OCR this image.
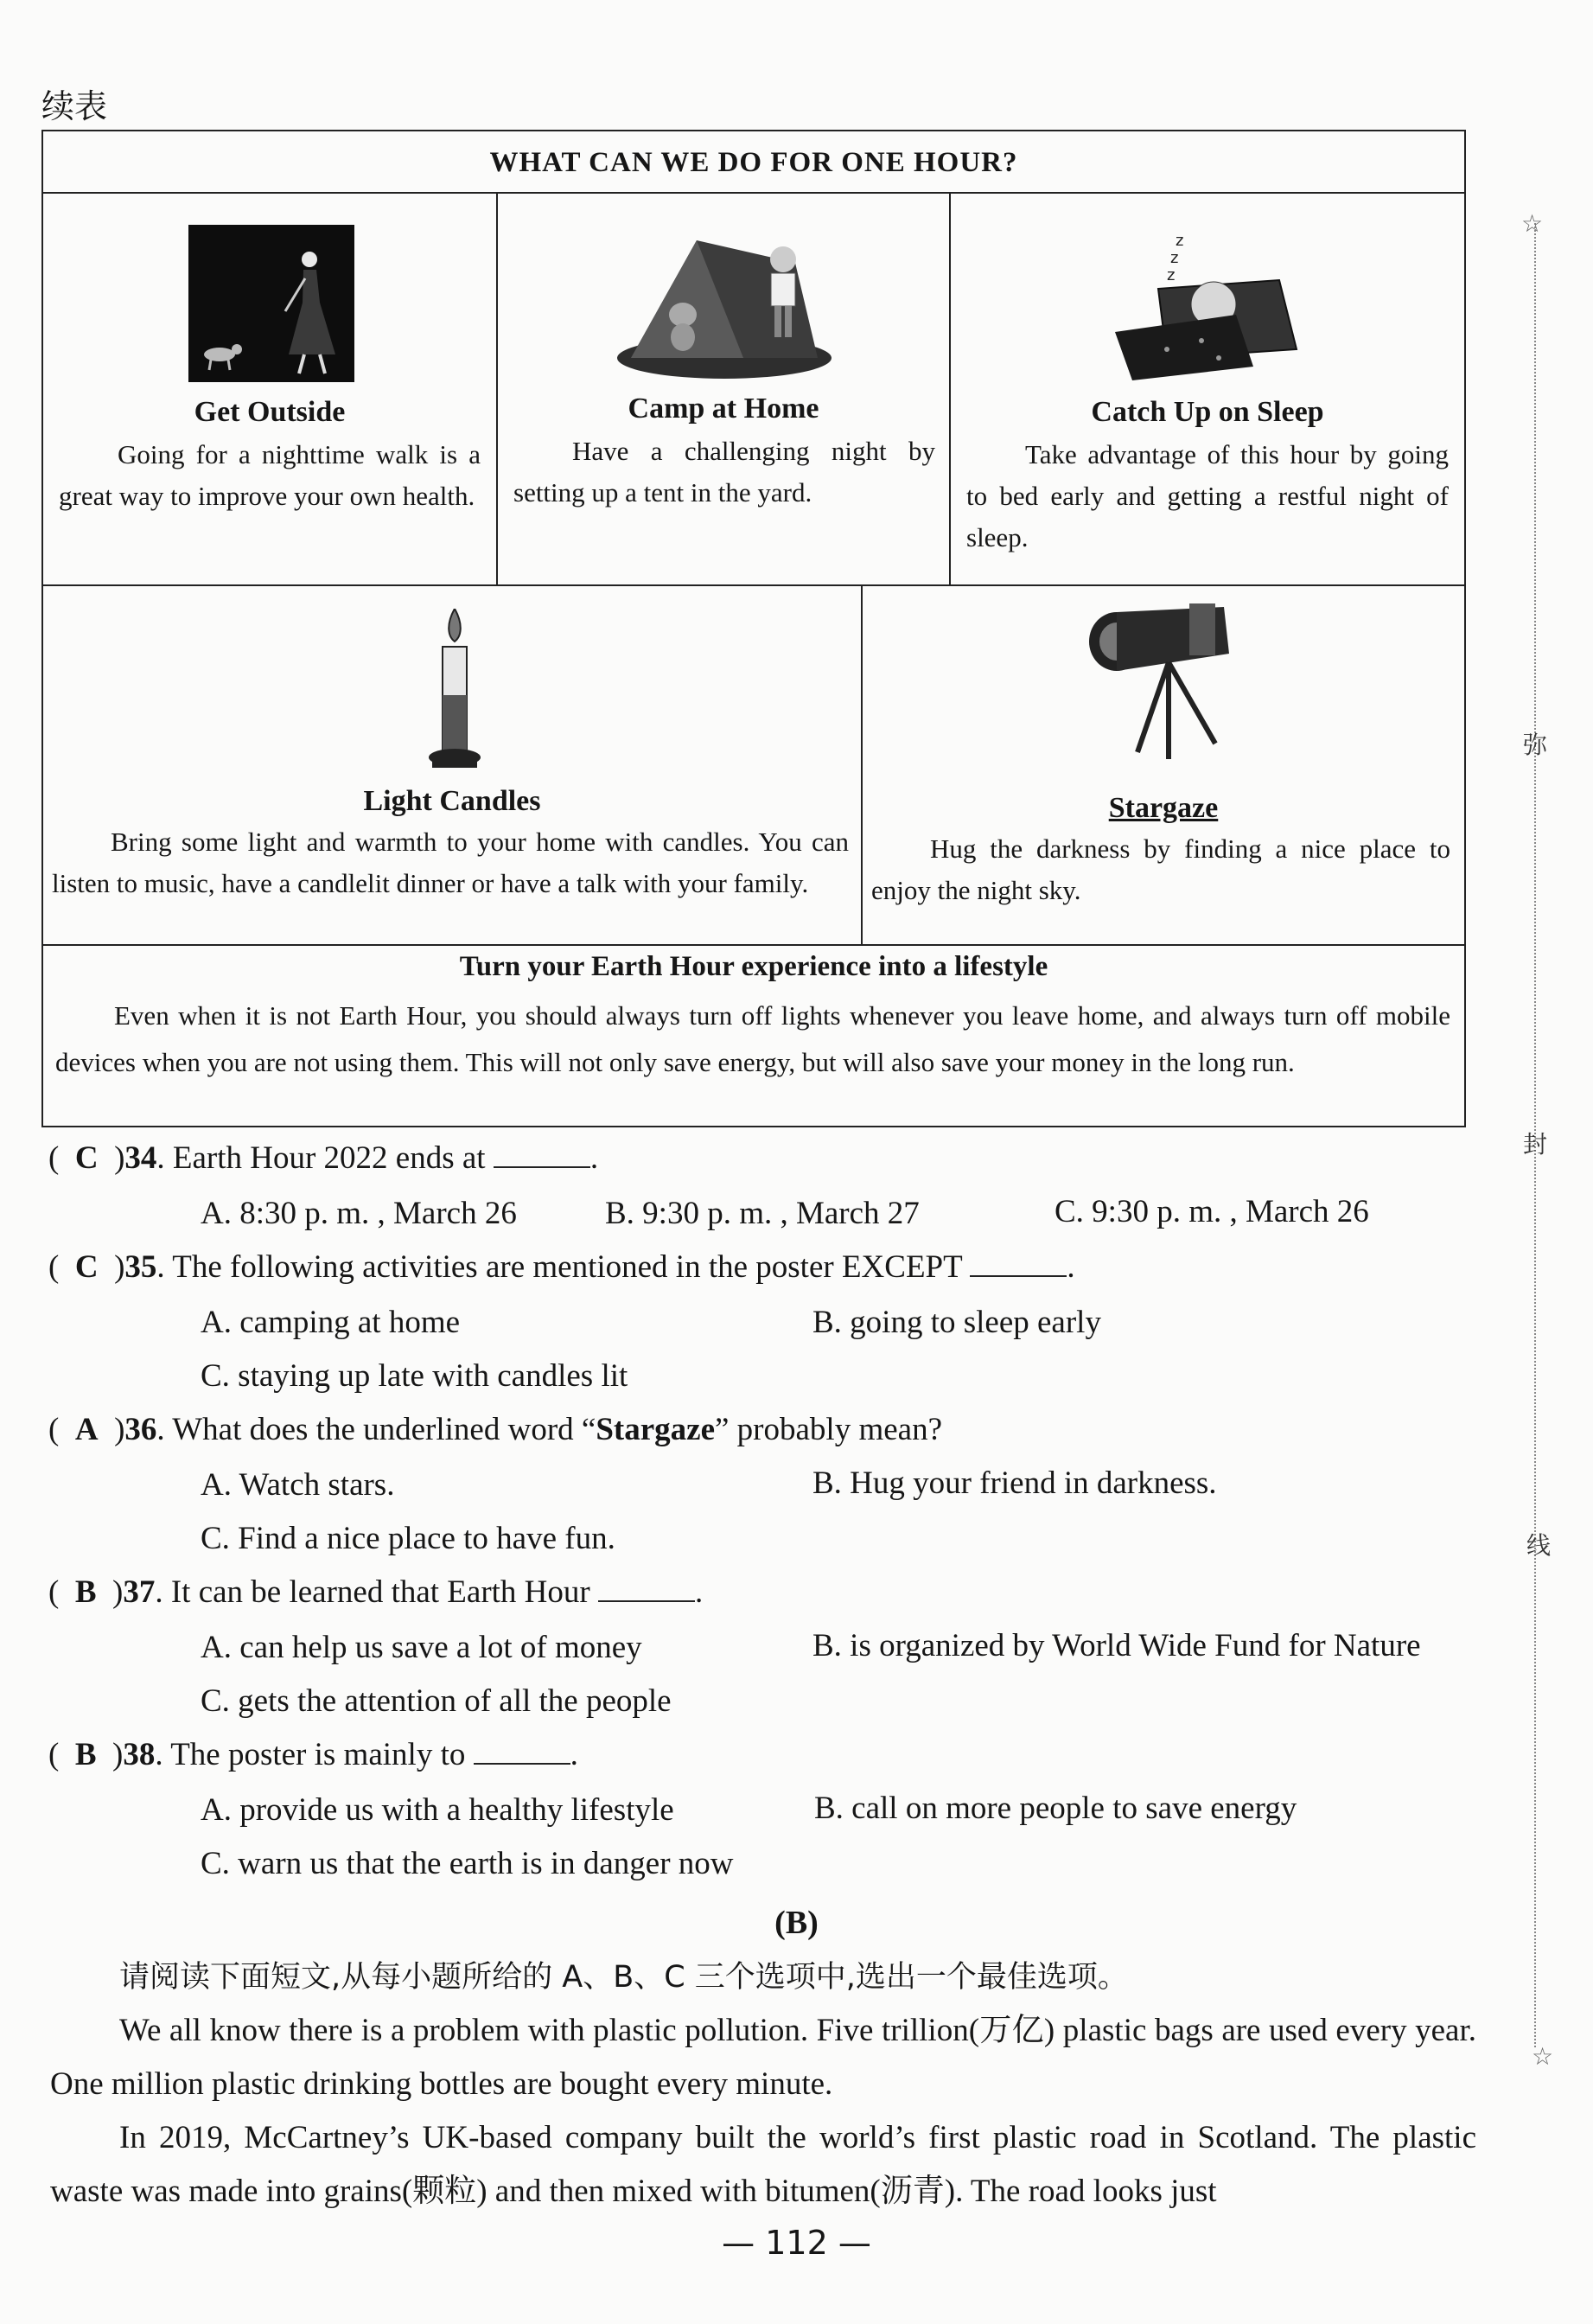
续表
WHAT CAN WE DO FOR ONE HOUR?
Get Outside
Going for a nighttime walk is a great way to improve your own health.
Camp at Home
Have a challenging night by setting up a tent in the yard.
z
z
z
Catch Up on Sleep
Take advantage of this hour by going to bed early and getting a restful night of sleep.
Light Candles
Bring some light and warmth to your home with candles. You can listen to music, have a candlelit dinner or have a talk with your family.
Stargaze
Hug the darkness by finding a nice place to enjoy the night sky.
Turn your Earth Hour experience into a lifestyle
Even when it is not Earth Hour, you should always turn off lights whenever you leave home, and always turn off mobile devices when you are not using them. This will not only save energy, but will also save your money in the long run.
(  C  )34. Earth Hour 2022 ends at	.
A. 8:30 p. m. , March 26	B. 9:30 p. m. , March 27	C. 9:30 p. m. , March 26
(  C  )35. The following activities are mentioned in the poster EXCEPT	.
A. camping at home	B. going to sleep early
C. staying up late with candles lit
(  A  )36. What does the underlined word “Stargaze” probably mean?
A. Watch stars.	B. Hug your friend in darkness.
C. Find a nice place to have fun.
(  B  )37. It can be learned that Earth Hour	.
A. can help us save a lot of money	B. is organized by World Wide Fund for Nature
C. gets the attention of all the people
(  B  )38. The poster is mainly to	.
A. provide us with a healthy lifestyle	B. call on more people to save energy
C. warn us that the earth is in danger now
(B)
请阅读下面短文,从每小题所给的 A、B、C 三个选项中,选出一个最佳选项。
We all know there is a problem with plastic pollution. Five trillion(万亿) plastic bags are used every year. One million plastic drinking bottles are bought every minute.
In 2019, McCartney’s UK-based company built the world’s first plastic road in Scotland. The plastic waste was made into grains(颗粒) and then mixed with bitumen(沥青). The road looks just
— 112 —
☆
☆
弥
封
线
